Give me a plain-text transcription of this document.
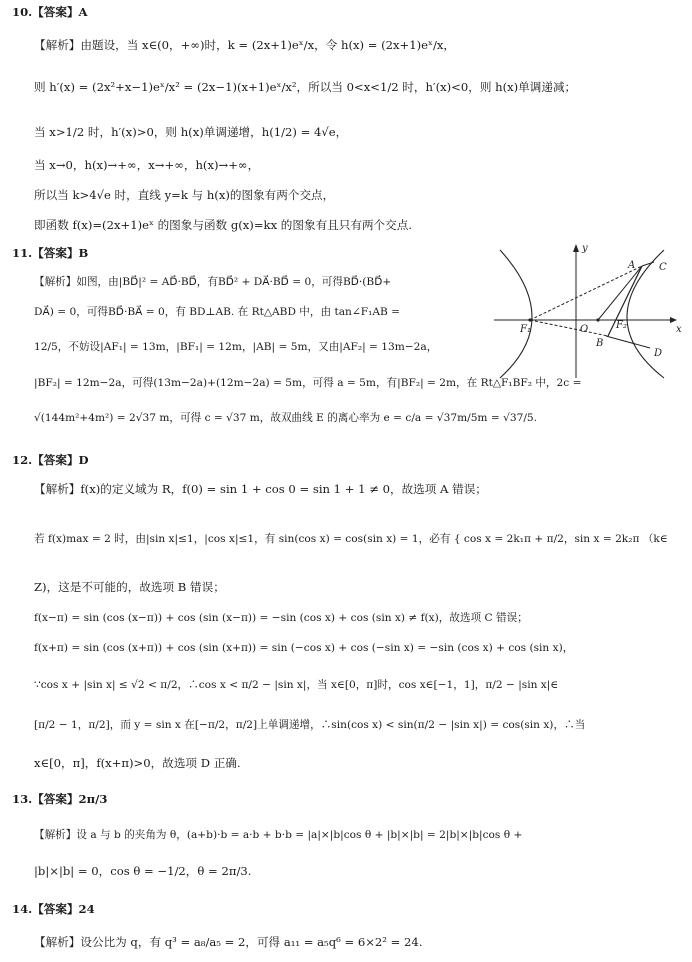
10.【答案】A
【解析】由题设，当 x∈(0，+∞)时，k = (2x+1)eˣ/x，令 h(x) = (2x+1)eˣ/x，
则 h′(x) = (2x²+x−1)eˣ/x² = (2x−1)(x+1)eˣ/x²，所以当 0<x<1/2 时，h′(x)<0，则 h(x)单调递减；
当 x>1/2 时，h′(x)>0，则 h(x)单调递增，h(1/2) = 4√e，
当 x→0，h(x)→+∞，x→+∞，h(x)→+∞，
所以当 k>4√e 时，直线 y=k 与 h(x)的图象有两个交点，
即函数 f(x)=(2x+1)eˣ 的图象与函数 g(x)=kx 的图象有且只有两个交点.
11.【答案】B
【解析】如图，由|BD⃗|² = AD⃗·BD⃗，有BD⃗² + DA⃗·BD⃗ = 0，可得BD⃗·(BD⃗+
DA⃗) = 0，可得BD⃗·BA⃗ = 0，有 BD⊥AB. 在 Rt△ABD 中，由 tan∠F₁AB =
12/5，不妨设|AF₁| = 13m，|BF₁| = 12m，|AB| = 5m，又由|AF₂| = 13m−2a，
|BF₂| = 12m−2a，可得(13m−2a)+(12m−2a) = 5m，可得 a = 5m，有|BF₂| = 2m，在 Rt△F₁BF₂ 中，2c =
√(144m²+4m²) = 2√37 m，可得 c = √37 m，故双曲线 E 的离心率为 e = c/a = √37m/5m = √37/5.
y
A C
F₁	O	F₂	x
B
D
12.【答案】D
【解析】f(x)的定义域为 R，f(0) = sin 1 + cos 0 = sin 1 + 1 ≠ 0，故选项 A 错误；
若 f(x)max = 2 时，由|sin x|≤1，|cos x|≤1，有 sin(cos x) = cos(sin x) = 1，必有 { cos x = 2k₁π + π/2，sin x = 2k₂π （k∈
Z)，这是不可能的，故选项 B 错误；
f(x−π) = sin (cos (x−π)) + cos (sin (x−π)) = −sin (cos x) + cos (sin x) ≠ f(x)，故选项 C 错误；
f(x+π) = sin (cos (x+π)) + cos (sin (x+π)) = sin (−cos x) + cos (−sin x) = −sin (cos x) + cos (sin x)，
∵cos x + |sin x| ≤ √2 < π/2，∴cos x < π/2 − |sin x|，当 x∈[0，π]时，cos x∈[−1，1]，π/2 − |sin x|∈
[π/2 − 1，π/2]，而 y = sin x 在[−π/2，π/2]上单调递增，∴sin(cos x) < sin(π/2 − |sin x|) = cos(sin x)，∴当
x∈[0，π]，f(x+π)>0，故选项 D 正确.
13.【答案】2π/3
【解析】设 a 与 b 的夹角为 θ，(a+b)·b = a·b + b·b = |a|×|b|cos θ + |b|×|b| = 2|b|×|b|cos θ +
|b|×|b| = 0，cos θ = −1/2，θ = 2π/3.
14.【答案】24
【解析】设公比为 q，有 q³ = a₈/a₅ = 2，可得 a₁₁ = a₅q⁶ = 6×2² = 24.
